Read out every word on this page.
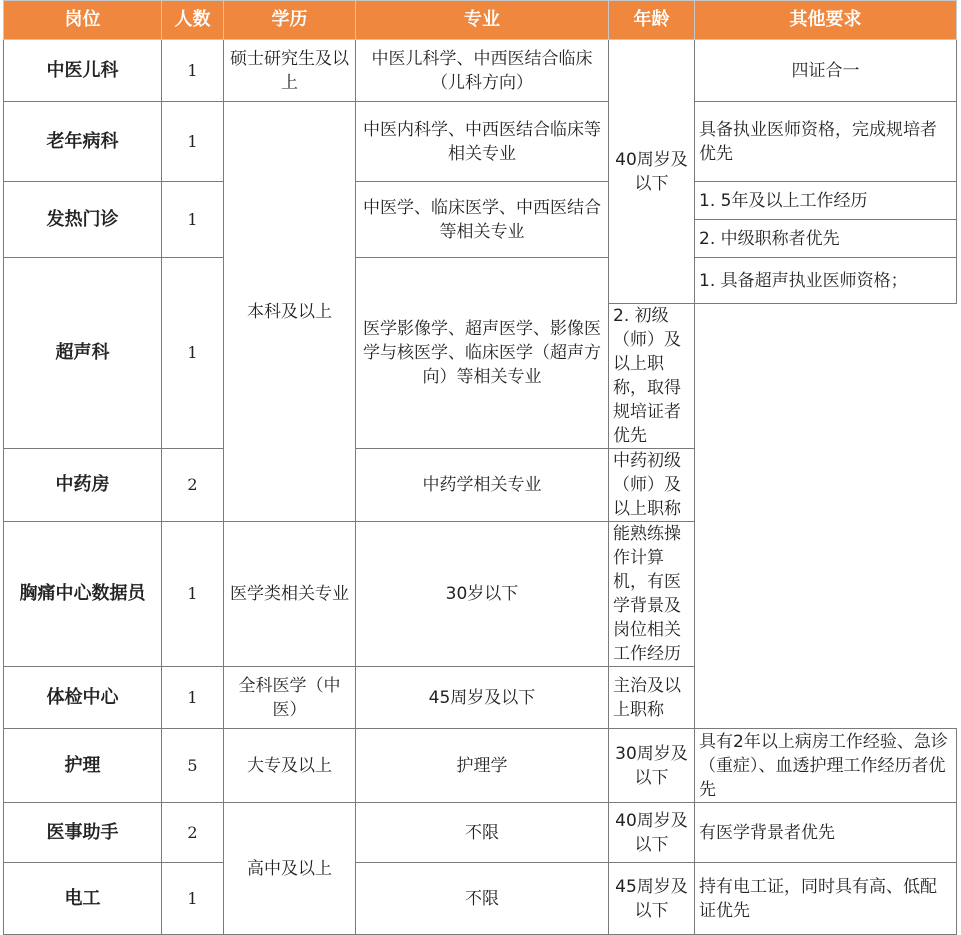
岗位	人数	学历	专业	年龄	其他要求
中医儿科	1	硕士研究生及以上	中医儿科学、中西医结合临床（儿科方向）	40周岁及以下	四证合一
老年病科	1	本科及以上	中医内科学、中西医结合临床等相关专业		具备执业医师资格，完成规培者优先
发热门诊	1		中医学、临床医学、中西医结合等相关专业		1. 5年及以上工作经历
					2. 中级职称者优先
超声科	1		医学影像学、超声医学、影像医学与核医学、临床医学（超声方向）等相关专业		1. 具备超声执业医师资格；
				2. 初级（师）及以上职称，取得规培证者优先	
中药房	2		中药学相关专业	中药初级（师）及以上职称	
胸痛中心数据员	1	医学类相关专业	30岁以下	能熟练操作计算机，有医学背景及岗位相关工作经历	
体检中心	1	全科医学（中医）	45周岁及以下	主治及以上职称	
护理	5	大专及以上	护理学	30周岁及以下	具有2年以上病房工作经验、急诊（重症）、血透护理工作经历者优先
医事助手	2	高中及以上	不限	40周岁及以下	有医学背景者优先
电工	1		不限	45周岁及以下	持有电工证，同时具有高、低配证优先
